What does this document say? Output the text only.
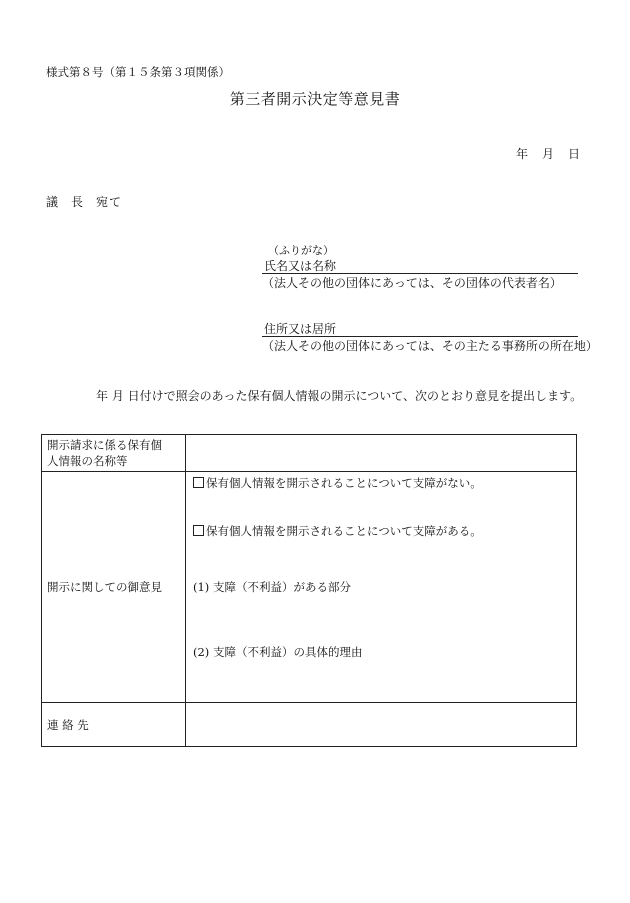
様式第８号（第１５条第３項関係）
第三者開示決定等意見書
年 月 日
議 長 宛て
（ふりがな）
氏名又は名称
（法人その他の団体にあっては、その団体の代表者名）
住所又は居所
（法人その他の団体にあっては、その主たる事務所の所在地）
年 月 日付けで照会のあった保有個人情報の開示について、次のとおり意見を提出します。
開示請求に係る保有個
人情報の名称等	

開示に関しての御意見	保有個人情報を開示されることについて支障がない。
保有個人情報を開示されることについて支障がある。
(1) 支障（不利益）がある部分
(2) 支障（不利益）の具体的理由

連 絡 先	
